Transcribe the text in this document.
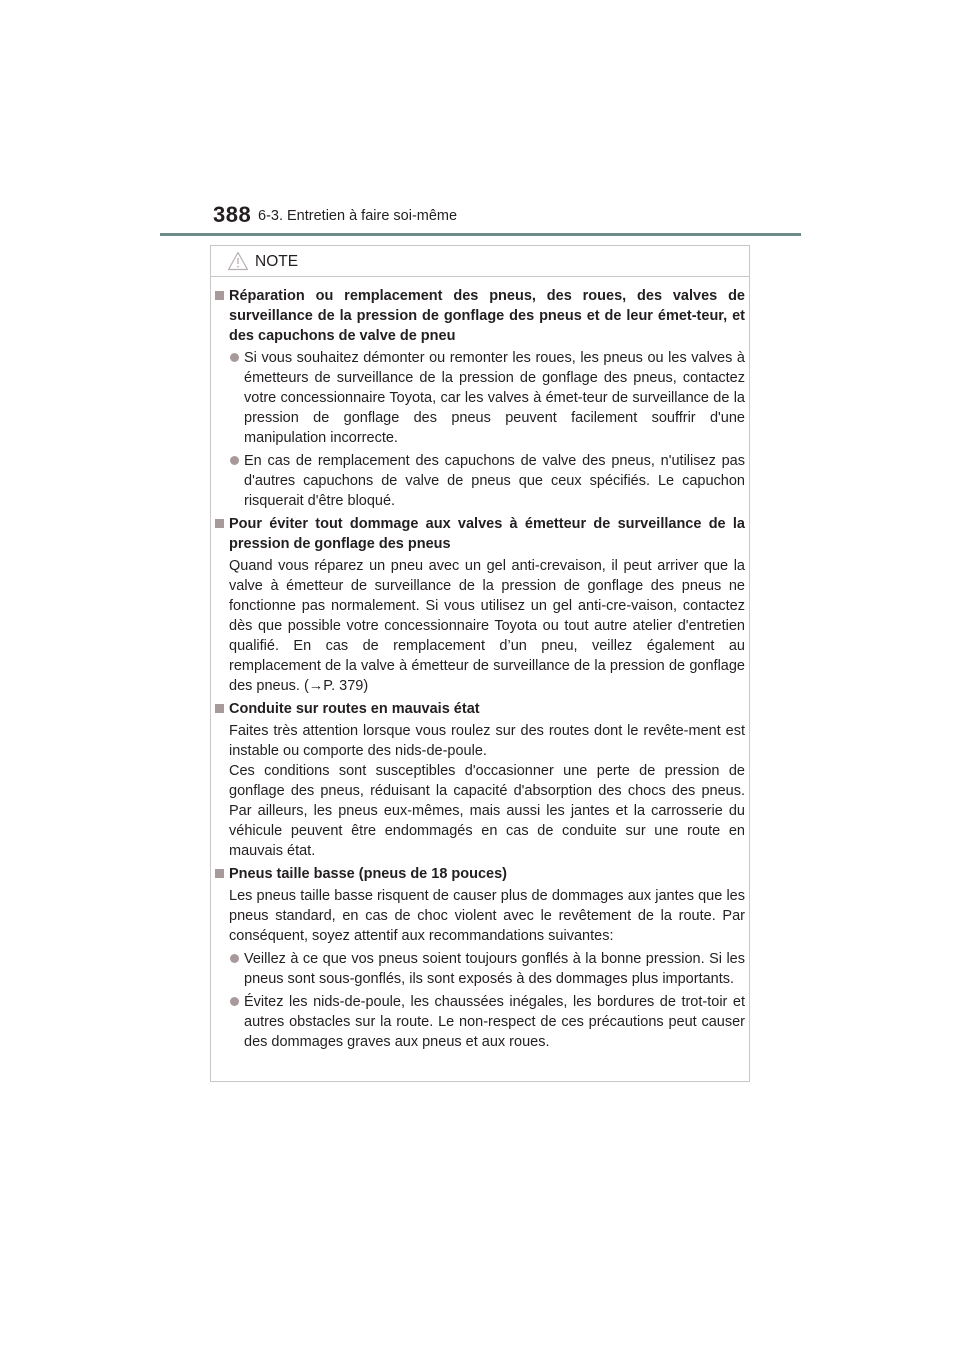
388 6-3. Entretien à faire soi-même
NOTE
Réparation ou remplacement des pneus, des roues, des valves de surveillance de la pression de gonflage des pneus et de leur émet-teur, et des capuchons de valve de pneu
Si vous souhaitez démonter ou remonter les roues, les pneus ou les valves à émetteurs de surveillance de la pression de gonflage des pneus, contactez votre concessionnaire Toyota, car les valves à émet-teur de surveillance de la pression de gonflage des pneus peuvent facilement souffrir d'une manipulation incorrecte.
En cas de remplacement des capuchons de valve des pneus, n'utilisez pas d'autres capuchons de valve de pneus que ceux spécifiés. Le capuchon risquerait d'être bloqué.
Pour éviter tout dommage aux valves à émetteur de surveillance de la pression de gonflage des pneus
Quand vous réparez un pneu avec un gel anti-crevaison, il peut arriver que la valve à émetteur de surveillance de la pression de gonflage des pneus ne fonctionne pas normalement. Si vous utilisez un gel anti-cre-vaison, contactez dès que possible votre concessionnaire Toyota ou tout autre atelier d'entretien qualifié. En cas de remplacement d’un pneu, veillez également au remplacement de la valve à émetteur de surveillance de la pression de gonflage des pneus. (→P. 379)
Conduite sur routes en mauvais état
Faites très attention lorsque vous roulez sur des routes dont le revête-ment est instable ou comporte des nids-de-poule.
Ces conditions sont susceptibles d'occasionner une perte de pression de gonflage des pneus, réduisant la capacité d'absorption des chocs des pneus. Par ailleurs, les pneus eux-mêmes, mais aussi les jantes et la carrosserie du véhicule peuvent être endommagés en cas de conduite sur une route en mauvais état.
Pneus taille basse (pneus de 18 pouces)
Les pneus taille basse risquent de causer plus de dommages aux jantes que les pneus standard, en cas de choc violent avec le revêtement de la route. Par conséquent, soyez attentif aux recommandations suivantes:
Veillez à ce que vos pneus soient toujours gonflés à la bonne pression. Si les pneus sont sous-gonflés, ils sont exposés à des dommages plus importants.
Évitez les nids-de-poule, les chaussées inégales, les bordures de trot-toir et autres obstacles sur la route. Le non-respect de ces précautions peut causer des dommages graves aux pneus et aux roues.
